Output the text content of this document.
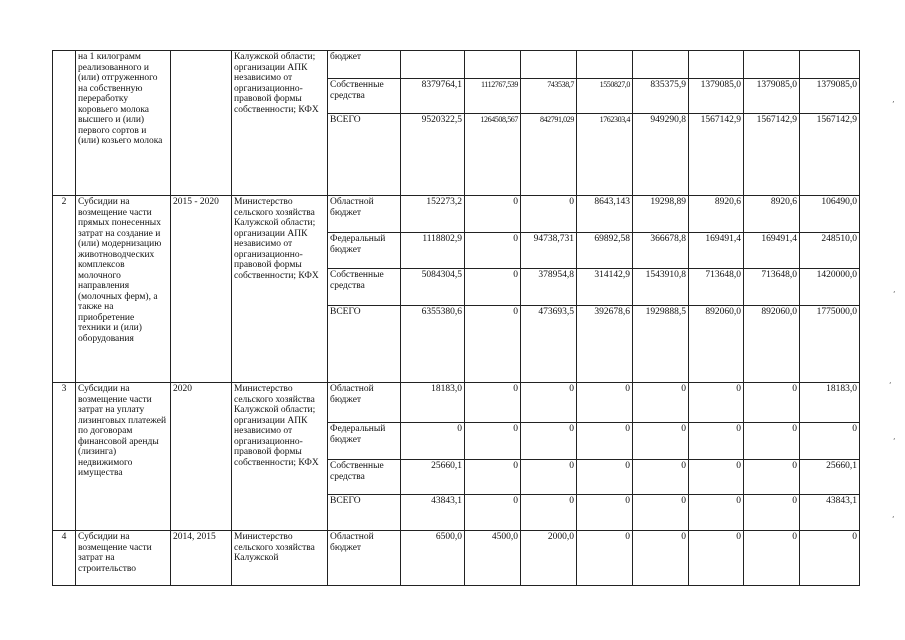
	на 1 килограмм реализованного и (или) отгруженного на собственную переработку коровьего молока высшего и (или) первого сортов и (или) козьего молока		Калужской области; организации АПК независимо от организационно-правовой формы собственности; КФХ	бюджет								
				Собственные средства	8379764,1	1112767,539	743538,7	1550827,0	835375,9	1379085,0	1379085,0	1379085,0
				ВСЕГО	9520322,5	1264508,567	842791,029	1762303,4	949290,8	1567142,9	1567142,9	1567142,9
2	Субсидии на возмещение части прямых понесенных затрат на создание и (или) модернизацию животноводческих комплексов молочного направления (молочных ферм), а также на приобретение техники и (или) оборудования	2015 - 2020	Министерство сельского хозяйства Калужской области; организации АПК независимо от организационно-правовой формы собственности; КФХ	Областной бюджет	152273,2	0	0	8643,143	19298,89	8920,6	8920,6	106490,0
				Федеральный бюджет	1118802,9	0	94738,731	69892,58	366678,8	169491,4	169491,4	248510,0
				Собственные средства	5084304,5	0	378954,8	314142,9	1543910,8	713648,0	713648,0	1420000,0
				ВСЕГО	6355380,6	0	473693,5	392678,6	1929888,5	892060,0	892060,0	1775000,0
3	Субсидии на возмещение части затрат на уплату лизинговых платежей по договорам финансовой аренды (лизинга) недвижимого имущества	2020	Министерство сельского хозяйства Калужской области; организации АПК независимо от организационно-правовой формы собственности; КФХ	Областной бюджет	18183,0	0	0	0	0	0	0	18183,0
				Федеральный бюджет	0	0	0	0	0	0	0	0
				Собственные средства	25660,1	0	0	0	0	0	0	25660,1
				ВСЕГО	43843,1	0	0	0	0	0	0	43843,1
4	Субсидии на возмещение части затрат на строительство	2014, 2015	Министерство сельского хозяйства Калужской	Областной бюджет	6500,0	4500,0	2000,0	0	0	0	0	0
’
,
,
,
,
